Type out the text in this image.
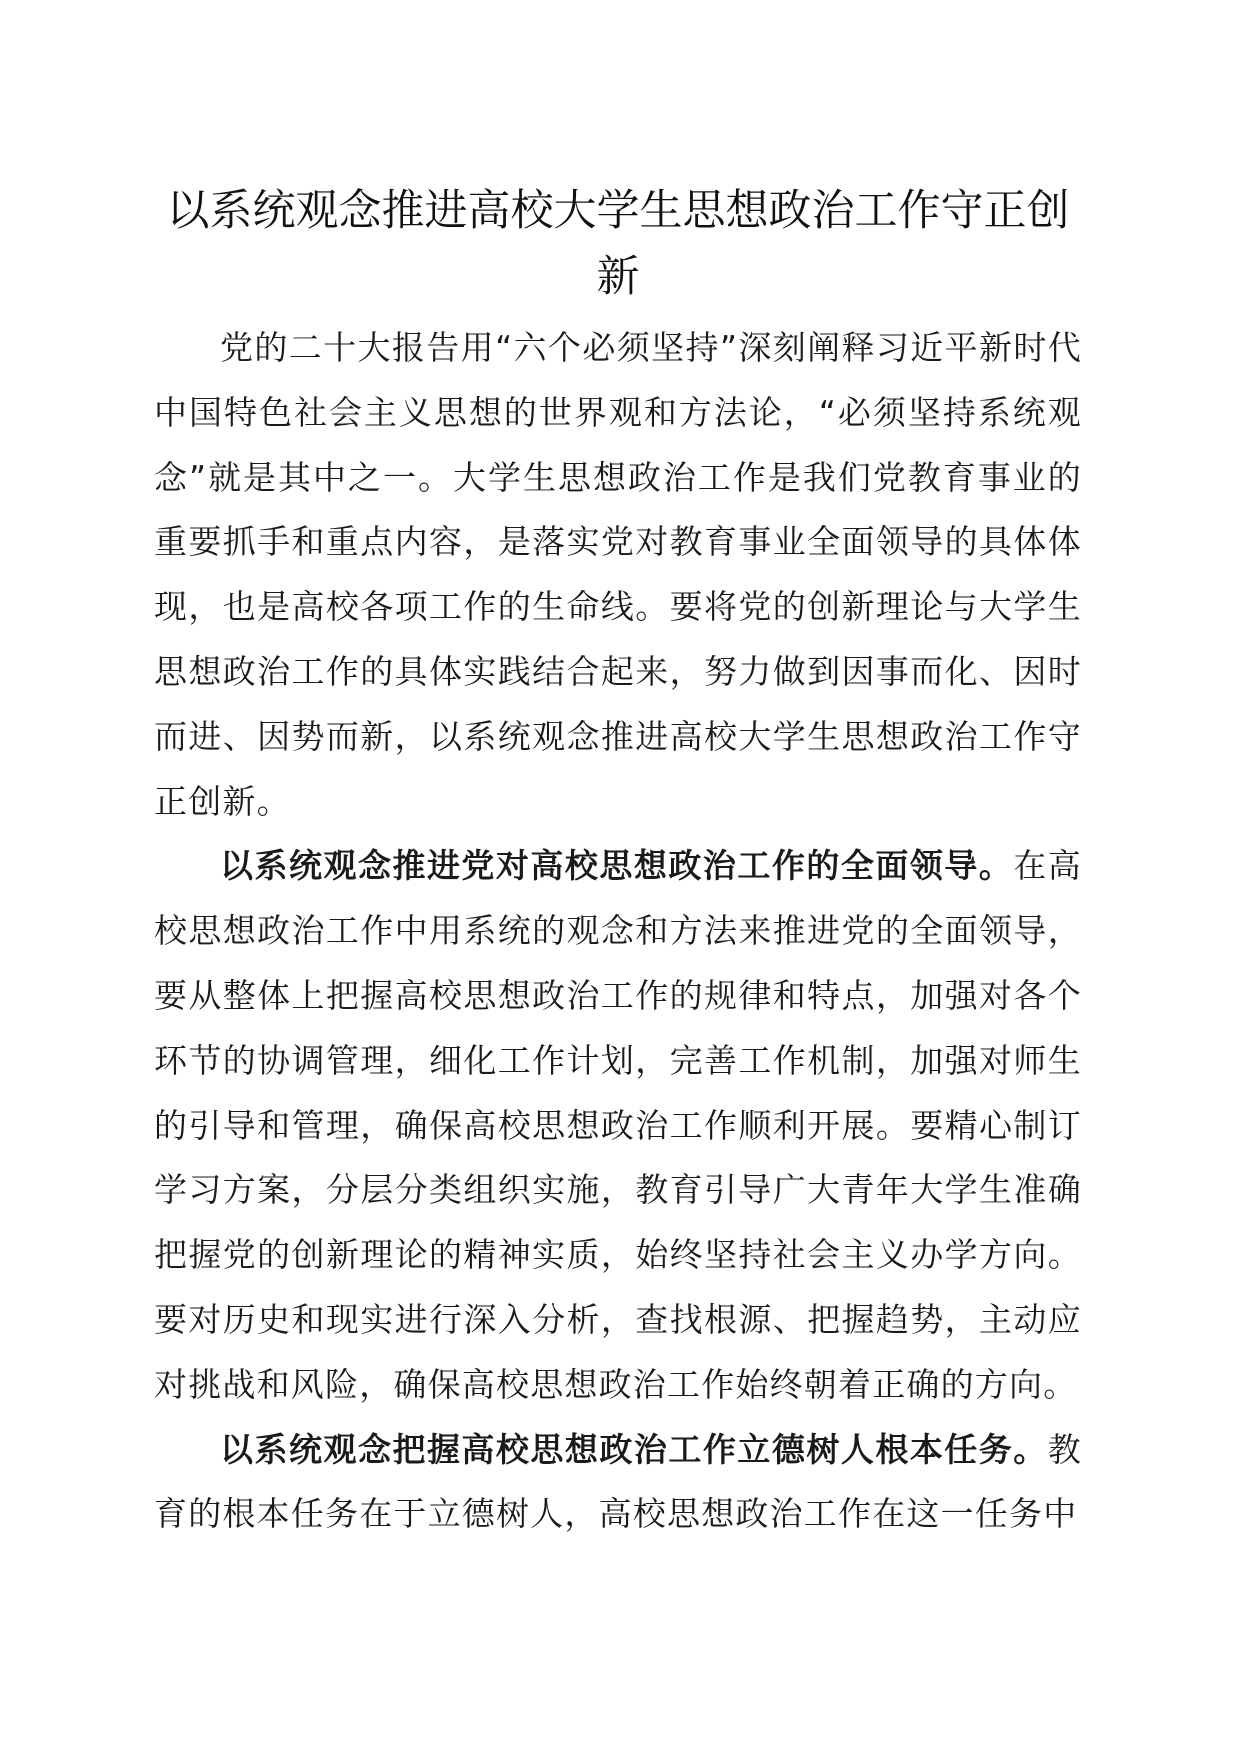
以系统观念推进高校大学生思想政治工作守正创新

党的二十大报告用“六个必须坚持”深刻阐释习近平新时代中国特色社会主义思想的世界观和方法论，“必须坚持系统观念”就是其中之一。大学生思想政治工作是我们党教育事业的重要抓手和重点内容，是落实党对教育事业全面领导的具体体现，也是高校各项工作的生命线。要将党的创新理论与大学生思想政治工作的具体实践结合起来，努力做到因事而化、因时而进、因势而新，以系统观念推进高校大学生思想政治工作守正创新。

以系统观念推进党对高校思想政治工作的全面领导。在高校思想政治工作中用系统的观念和方法来推进党的全面领导，要从整体上把握高校思想政治工作的规律和特点，加强对各个环节的协调管理，细化工作计划，完善工作机制，加强对师生的引导和管理，确保高校思想政治工作顺利开展。要精心制订学习方案，分层分类组织实施，教育引导广大青年大学生准确把握党的创新理论的精神实质，始终坚持社会主义办学方向。要对历史和现实进行深入分析，查找根源、把握趋势，主动应对挑战和风险，确保高校思想政治工作始终朝着正确的方向。

以系统观念把握高校思想政治工作立德树人根本任务。教育的根本任务在于立德树人，高校思想政治工作在这一任务中
